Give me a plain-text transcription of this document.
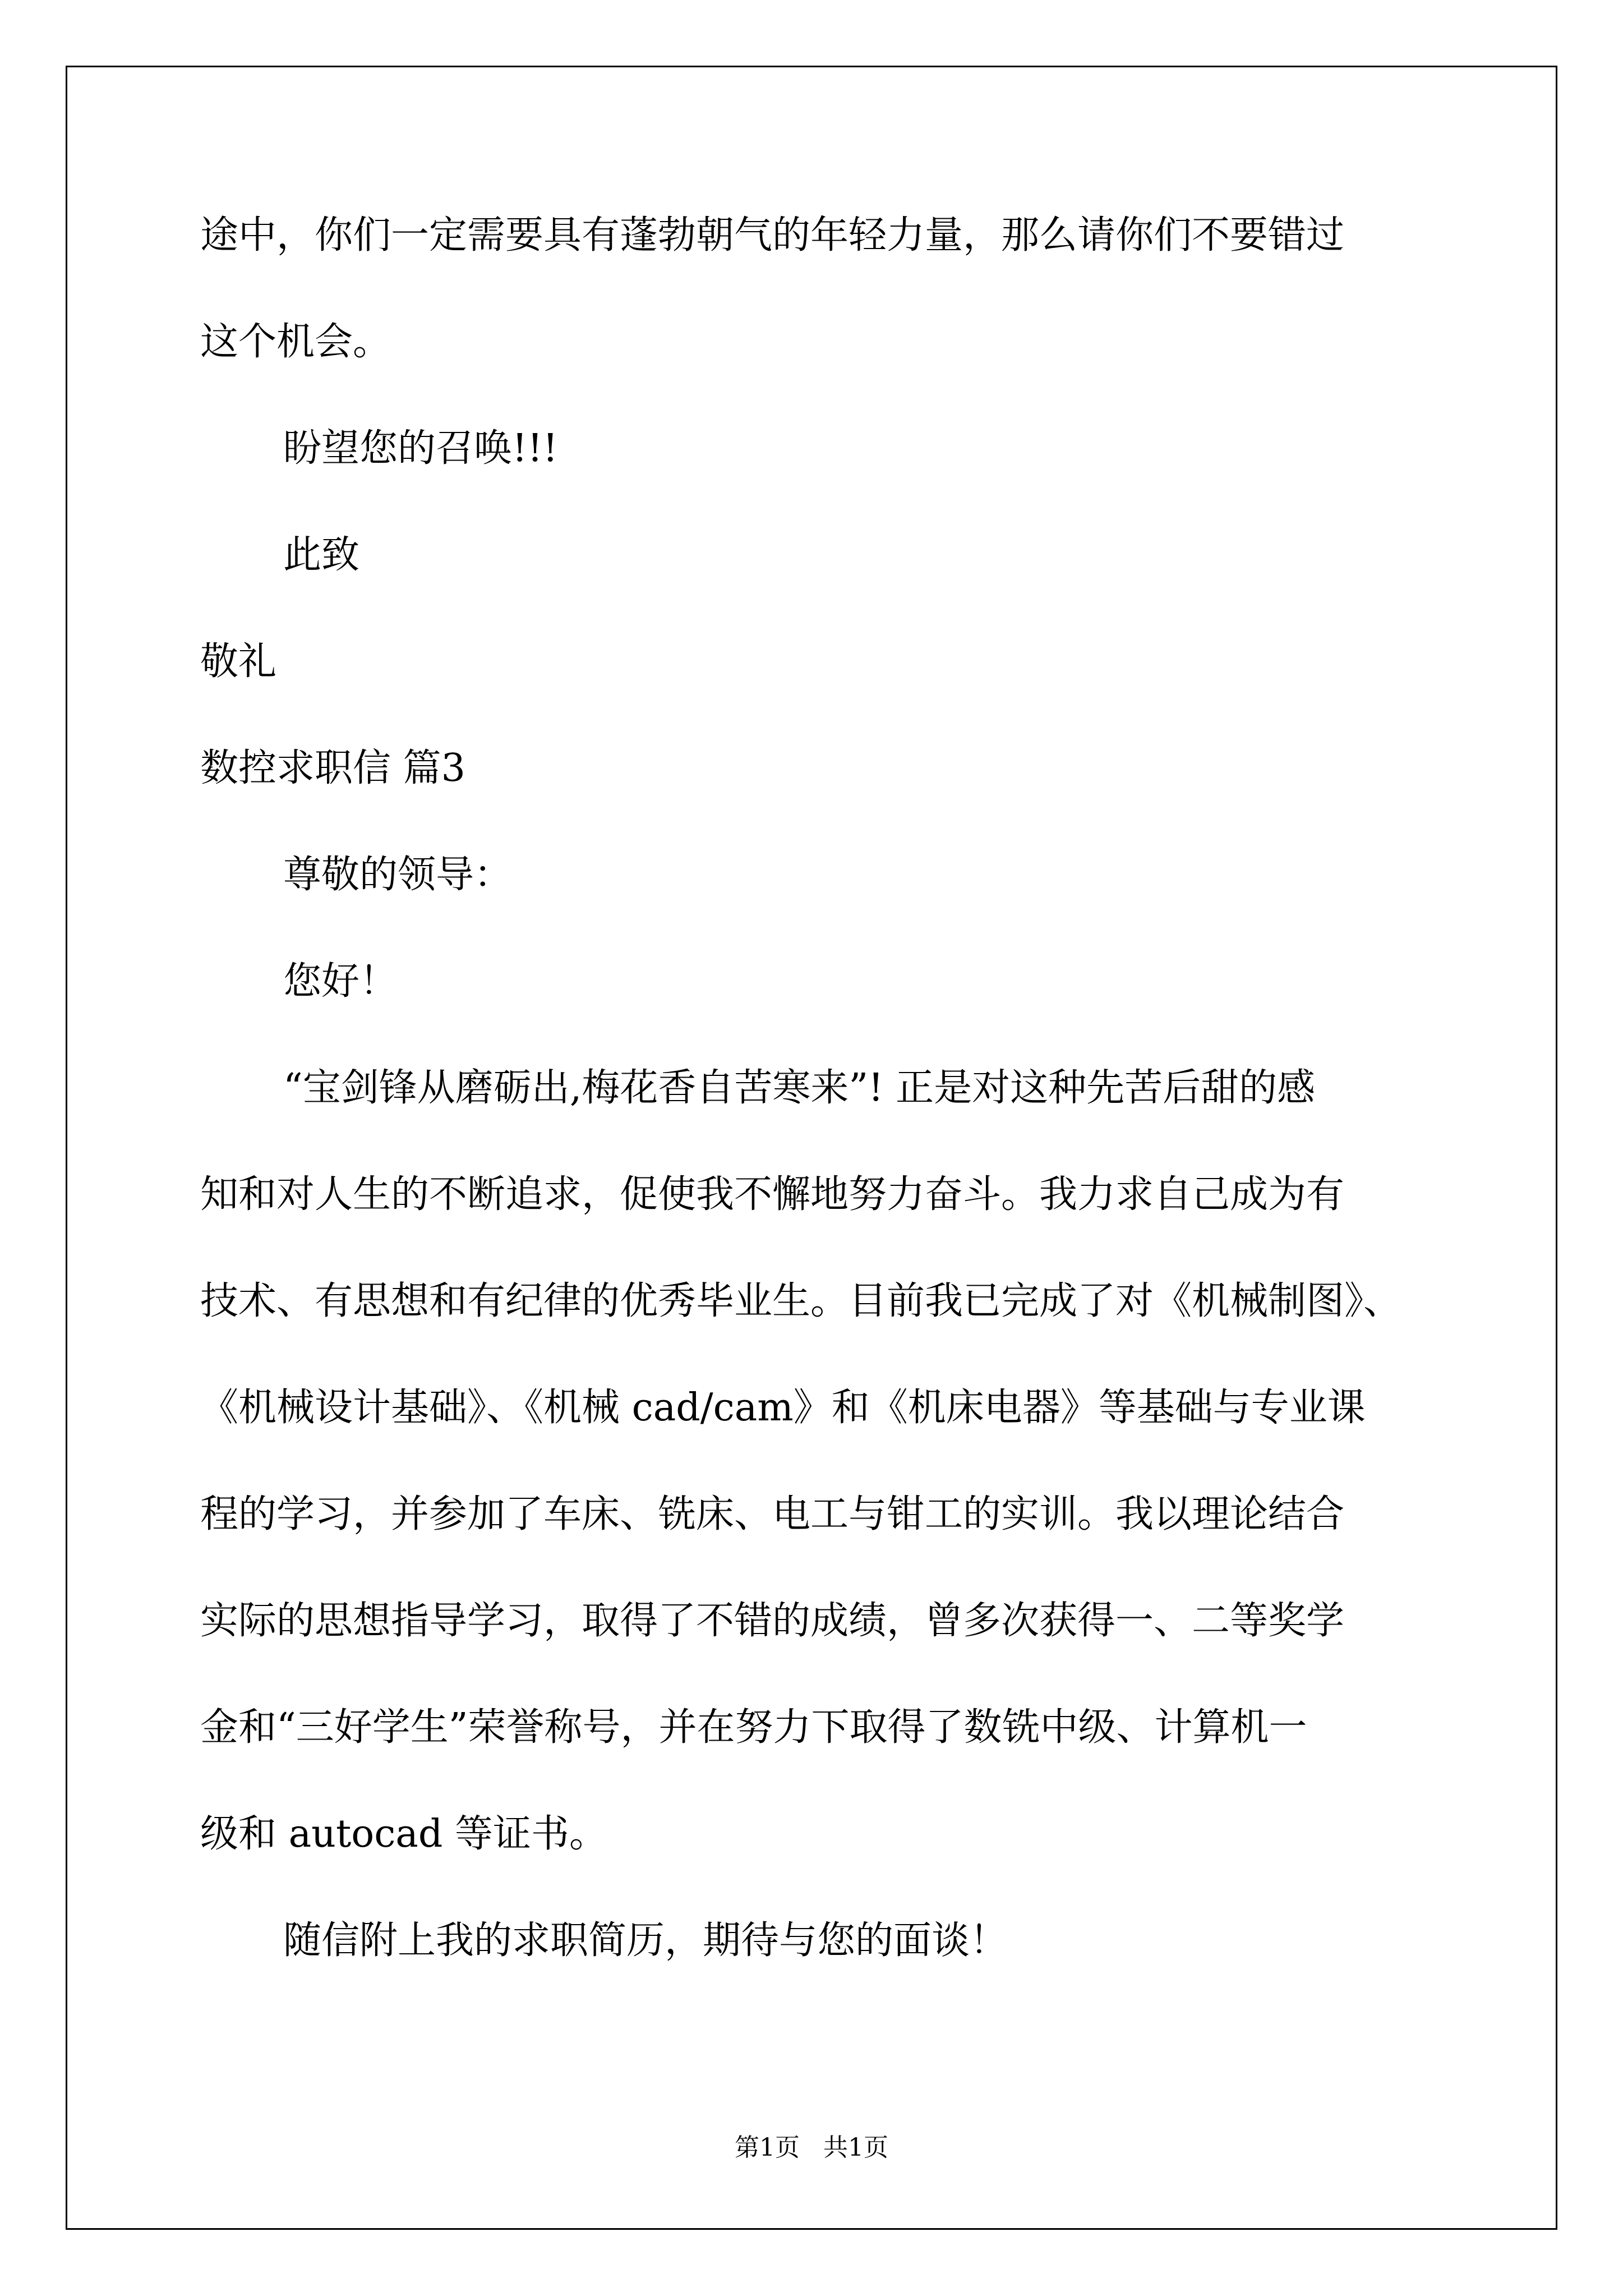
途中，你们一定需要具有蓬勃朝气的年轻力量，那么请你们不要错过
这个机会。
盼望您的召唤!!!
此致
敬礼
数控求职信 篇3
尊敬的领导：
您好！
“宝剑锋从磨砺出,梅花香自苦寒来”! 正是对这种先苦后甜的感
知和对人生的不断追求，促使我不懈地努力奋斗。我力求自己成为有
技术、有思想和有纪律的优秀毕业生。目前我已完成了对《机械制图》、
《机械设计基础》、《机械 cad/cam》和《机床电器》等基础与专业课
程的学习，并参加了车床、铣床、电工与钳工的实训。我以理论结合
实际的思想指导学习，取得了不错的成绩，曾多次获得一、二等奖学
金和“三好学生”荣誉称号，并在努力下取得了数铣中级、计算机一
级和 autocad 等证书。
随信附上我的求职简历，期待与您的面谈！
第1页   共1页
